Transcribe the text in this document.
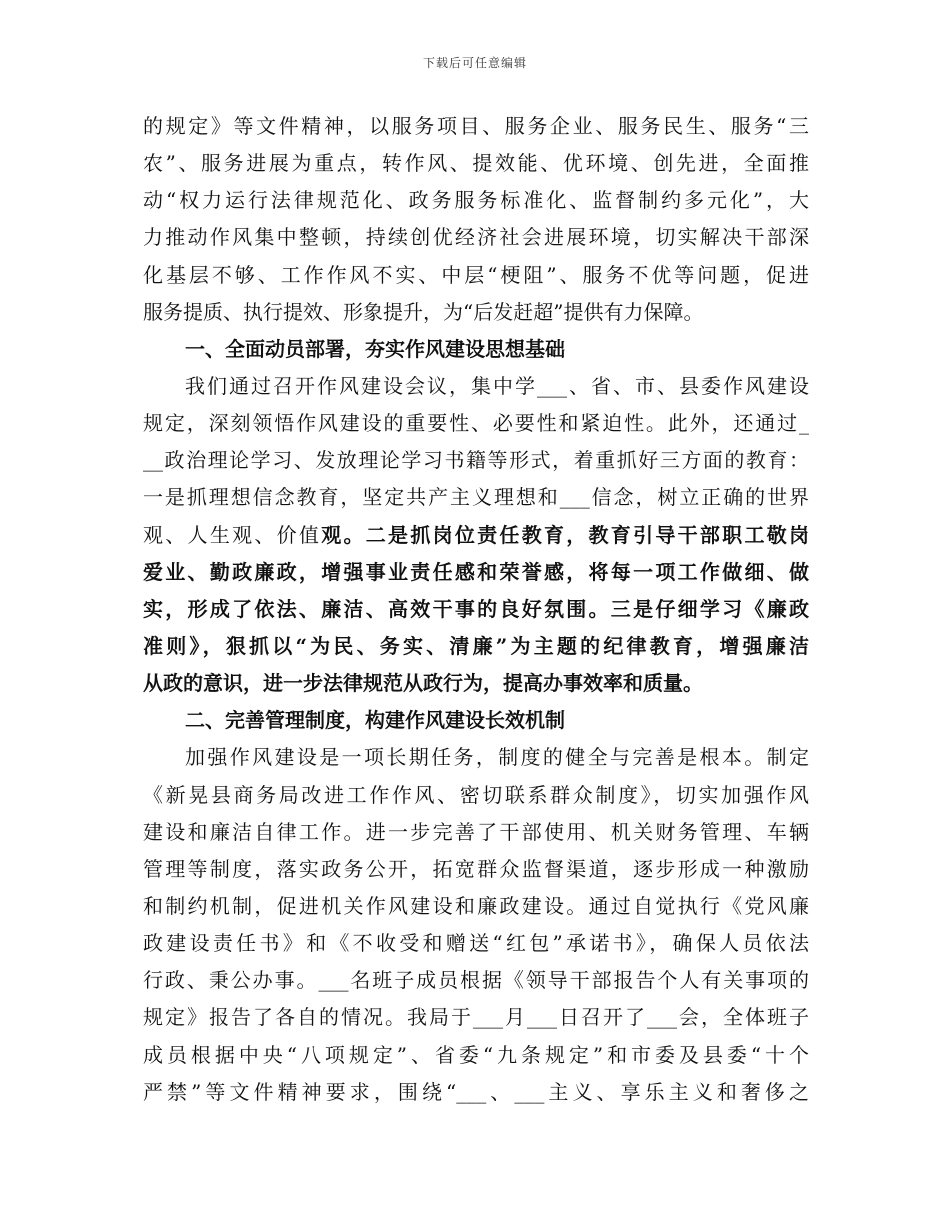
下载后可任意编辑
的规定》等文件精神，以服务项目、服务企业、服务民生、服务“三
农”、服务进展为重点，转作风、提效能、优环境、创先进，全面推
动“权力运行法律规范化、政务服务标准化、监督制约多元化”，大
力推动作风集中整顿，持续创优经济社会进展环境，切实解决干部深
化基层不够、工作作风不实、中层“梗阻”、服务不优等问题，促进
服务提质、执行提效、形象提升，为“后发赶超”提供有力保障。
一、全面动员部署，夯实作风建设思想基础
我们通过召开作风建设会议，集中学___、省、市、县委作风建设
规定，深刻领悟作风建设的重要性、必要性和紧迫性。此外，还通过_
__政治理论学习、发放理论学习书籍等形式，着重抓好三方面的教育：
一是抓理想信念教育，坚定共产主义理想和___信念，树立正确的世界
观、人生观、价值观。二是抓岗位责任教育，教育引导干部职工敬岗
爱业、勤政廉政，增强事业责任感和荣誉感，将每一项工作做细、做
实，形成了依法、廉洁、高效干事的良好氛围。三是仔细学习《廉政
准则》，狠抓以“为民、务实、清廉”为主题的纪律教育，增强廉洁
从政的意识，进一步法律规范从政行为，提高办事效率和质量。
二、完善管理制度，构建作风建设长效机制
加强作风建设是一项长期任务，制度的健全与完善是根本。制定
《新晃县商务局改进工作作风、密切联系群众制度》，切实加强作风
建设和廉洁自律工作。进一步完善了干部使用、机关财务管理、车辆
管理等制度，落实政务公开，拓宽群众监督渠道，逐步形成一种激励
和制约机制，促进机关作风建设和廉政建设。通过自觉执行《党风廉
政建设责任书》和《不收受和赠送“红包”承诺书》，确保人员依法
行政、秉公办事。___名班子成员根据《领导干部报告个人有关事项的
规定》报告了各自的情况。我局于___月___日召开了___会，全体班子
成员根据中央“八项规定”、省委“九条规定”和市委及县委“十个
严禁”等文件精神要求，围绕“___、___主义、享乐主义和奢侈之
